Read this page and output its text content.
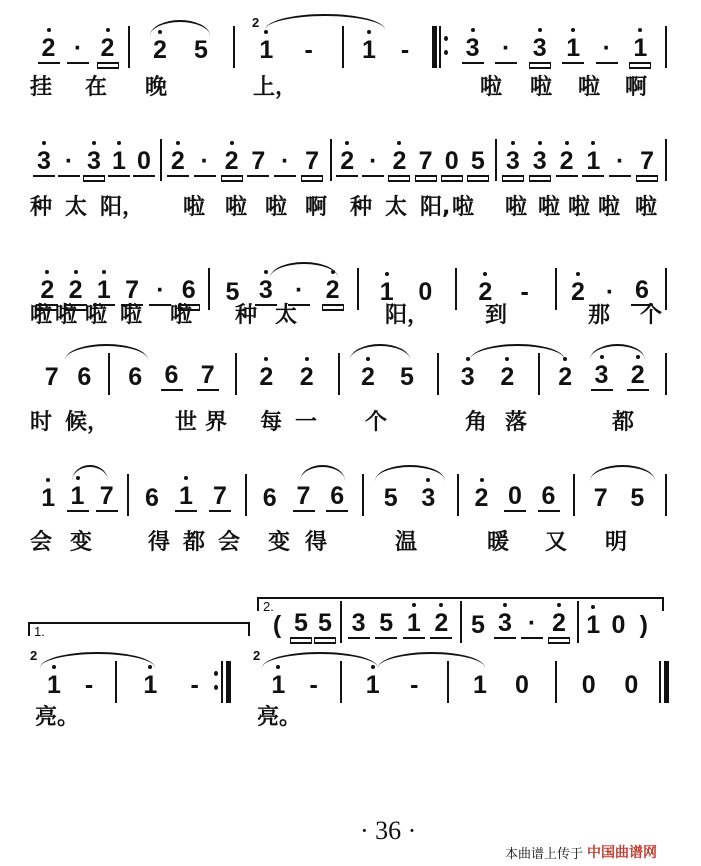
1.
2.
2
2	2
· 36 ·
本曲谱上传于 中国曲谱网
2 · 2 2 5 1 - 1 - 3 · 3 1 · 1
挂 在 晚	上，	啦 啦 啦 啊
3 · 3 1 0 2 · 2 7 · 7 2 · 2 7 0 5 3 3 2 1 · 7
种 太 阳， 啦 啦 啦 啊 种 太 阳, 啦 啦 啦 啦 啦 啦
2 2 1 7 · 6 5 3 · 2 1 0 2 - 2 · 6
啦 啦 啦 啦 啦 种 太	阳，	到	那 个
7 6 6 6 7 2 2 2 5 3 2 2 3 2
时 候，	世 界 每 一 个	角 落	都
1 1 7 6 1 7 6 7 6 5 3 2 0 6 7 5
会 变	得 都 会 变 得	温	暖 又 明
( 5 5 3 5 1 2 5 3 · 2 1 0 )
1 - 1 -	1 - 1 - 1 0 0 0
亮。	亮。
